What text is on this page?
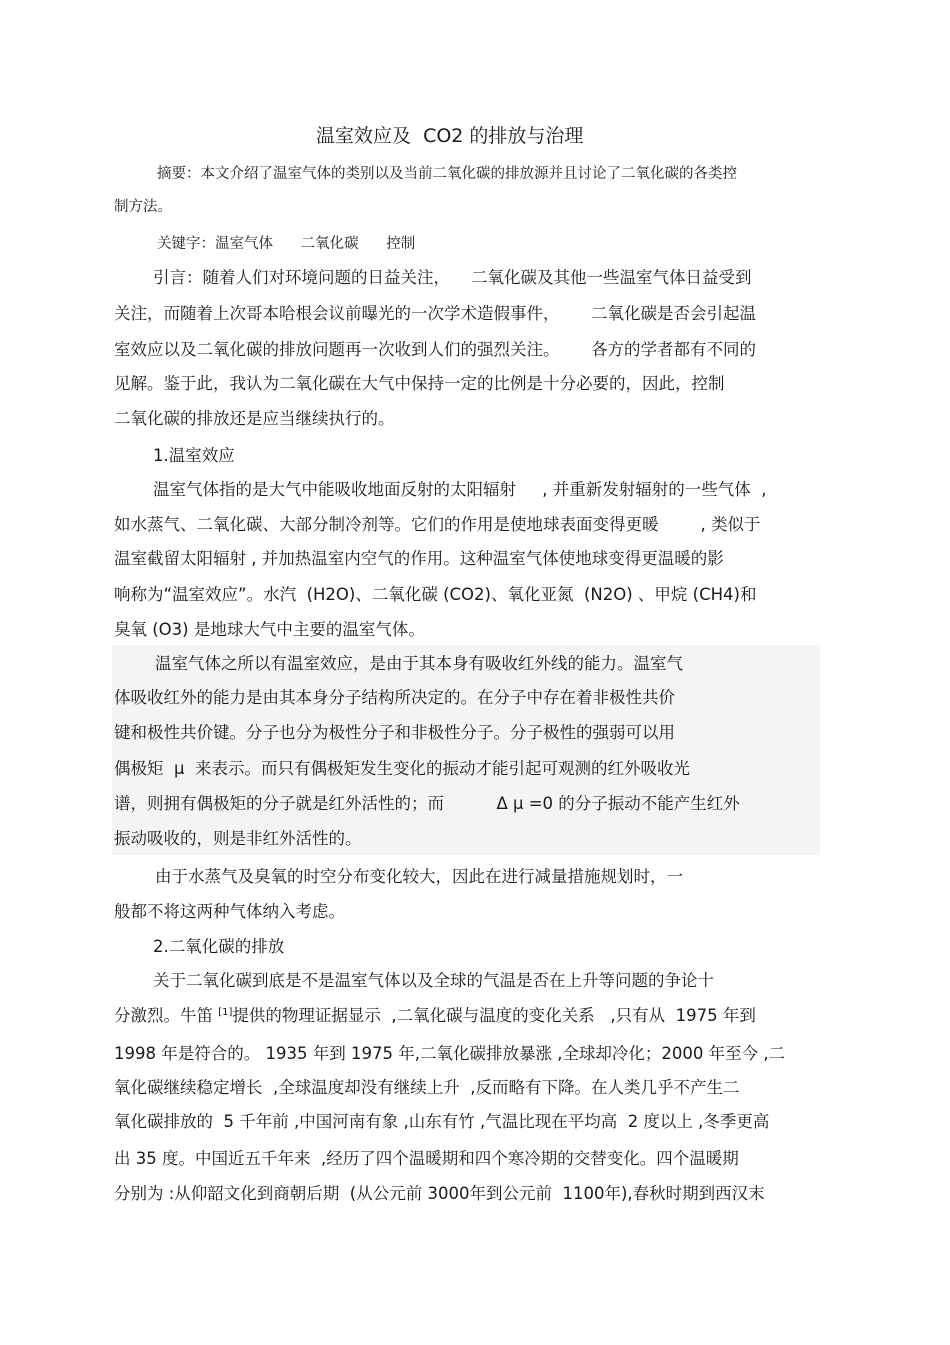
温室效应及  CO2 的排放与治理
摘要：本文介绍了温室气体的类别以及当前二氧化碳的排放源并且讨论了二氧化碳的各类控
制方法。
关键字：温室气体      二氧化碳      控制
引言：随着人们对环境问题的日益关注，    二氧化碳及其他一些温室气体日益受到
关注，而随着上次哥本哈根会议前曝光的一次学术造假事件，      二氧化碳是否会引起温
室效应以及二氧化碳的排放问题再一次收到人们的强烈关注。      各方的学者都有不同的
见解。鉴于此，我认为二氧化碳在大气中保持一定的比例是十分必要的，因此，控制
二氧化碳的排放还是应当继续执行的。
1.温室效应
温室气体指的是大气中能吸收地面反射的太阳辐射     , 并重新发射辐射的一些气体  ,
如水蒸气、二氧化碳、大部分制冷剂等。它们的作用是使地球表面变得更暖        , 类似于
温室截留太阳辐射 , 并加热温室内空气的作用。这种温室气体使地球变得更温暖的影
响称为“温室效应”。水汽  (H2O)、二氧化碳 (CO2)、氧化亚氮  (N2O) 、甲烷 (CH4)和
臭氧 (O3) 是地球大气中主要的温室气体。
温室气体之所以有温室效应，是由于其本身有吸收红外线的能力。温室气
体吸收红外的能力是由其本身分子结构所决定的。在分子中存在着非极性共价
键和极性共价键。分子也分为极性分子和非极性分子。分子极性的强弱可以用
偶极矩  μ  来表示。而只有偶极矩发生变化的振动才能引起可观测的红外吸收光
谱，则拥有偶极矩的分子就是红外活性的；而          Δ μ =0 的分子振动不能产生红外
振动吸收的，则是非红外活性的。
由于水蒸气及臭氧的时空分布变化较大，因此在进行减量措施规划时，一
般都不将这两种气体纳入考虑。
2.二氧化碳的排放
关于二氧化碳到底是不是温室气体以及全球的气温是否在上升等问题的争论十
分激烈。牛笛 [1]提供的物理证据显示  ,二氧化碳与温度的变化关系   ,只有从  1975 年到
1998 年是符合的。 1935 年到 1975 年,二氧化碳排放暴涨 ,全球却冷化；2000 年至今 ,二
氧化碳继续稳定增长  ,全球温度却没有继续上升  ,反而略有下降。在人类几乎不产生二
氧化碳排放的  5 千年前 ,中国河南有象 ,山东有竹 ,气温比现在平均高  2 度以上 ,冬季更高
出 35 度。中国近五千年来  ,经历了四个温暖期和四个寒冷期的交替变化。四个温暖期
分别为 :从仰韶文化到商朝后期  (从公元前 3000年到公元前  1100年),春秋时期到西汉末
